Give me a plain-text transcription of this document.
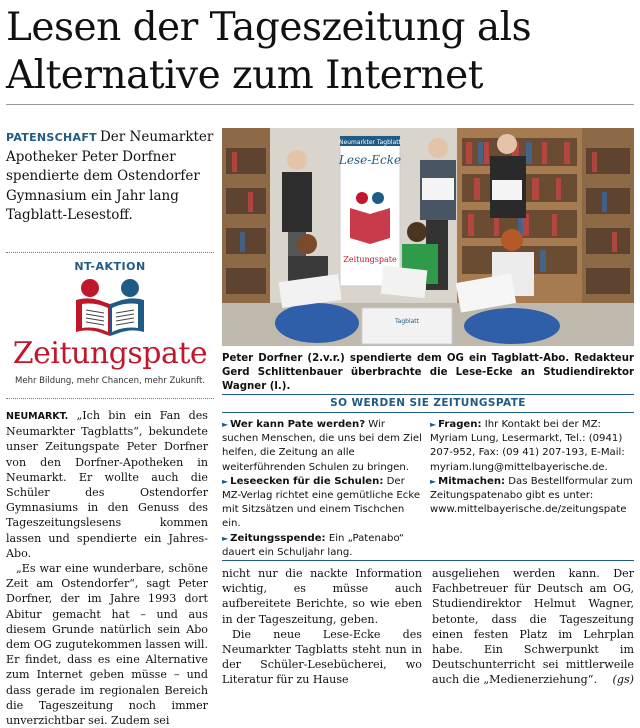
Lesen der Tageszeitung als
Alternative zum Internet
PATENSCHAFT Der Neumarkter Apotheker Peter Dorfner spendierte dem Ostendorfer Gymnasium ein Jahr lang Tagblatt-Lesestoff.
NT-AKTION
Zeitungspate
Mehr Bildung, mehr Chancen, mehr Zukunft.
Neumarkter Tagblatt
Lese-Ecke
Zeitungspate
Tagblatt
Peter Dorfner (2.v.r.) spendierte dem OG ein Tagblatt-Abo. Redakteur Gerd Schlittenbauer überbrachte die Lese-Ecke an Studiendirektor Wagner (l.).

NEUMARKT. „Ich bin ein Fan des Neumarkter Tagblatts“, bekundete unser Zeitungspate Peter Dorfner von den Dorfner-Apotheken in Neumarkt. Er wollte auch die Schüler des Ostendorfer Gymnasiums in den Genuss des Tageszeitungslesens kommen lassen und spendierte ein Jahres-Abo.

„Es war eine wunderbare, schöne Zeit am Ostendorfer“, sagt Peter Dorfner, der im Jahre 1993 dort Abitur gemacht hat – und aus diesem Grunde natürlich sein Abo dem OG zugutekommen lassen will. Er findet, dass es eine Alternative zum Internet geben müsse – und dass gerade im regionalen Bereich die Tageszeitung noch immer unverzichtbar sei. Zudem sei

SO WERDEN SIE ZEITUNGSPATE

► Wer kann Pate werden? Wir suchen Menschen, die uns bei dem Ziel helfen, die Zeitung an alle weiterführenden Schulen zu bringen.

► Leseecken für die Schulen: Der MZ-Verlag richtet eine gemütliche Ecke mit Sitzsätzen und einem Tischchen ein.

► Zeitungsspende: Ein „Patenabo“ dauert ein Schuljahr lang.

► Fragen: Ihr Kontakt bei der MZ: Myriam Lung, Lesermarkt, Tel.: (0941) 207-952, Fax: (09 41) 207-193, E-Mail: myriam.lung@mittelbayerische.de.

► Mitmachen: Das Bestellformular zum Zeitungspatenabo gibt es unter: www.mittelbayerische.de/zeitungspate

nicht nur die nackte Information wichtig, es müsse auch aufbereitete Berichte, so wie eben in der Tageszeitung, geben.

Die neue Lese-Ecke des Neumarkter Tagblatts steht nun in der Schüler-Lesebücherei, wo Literatur für zu Hause

ausgeliehen werden kann. Der Fachbetreuer für Deutsch am OG, Studiendirektor Helmut Wagner, betonte, dass die Tageszeitung einen festen Platz im Lehrplan habe. Ein Schwerpunkt im Deutschunterricht sei mittlerweile auch die „Medienerziehung“. (gs)
